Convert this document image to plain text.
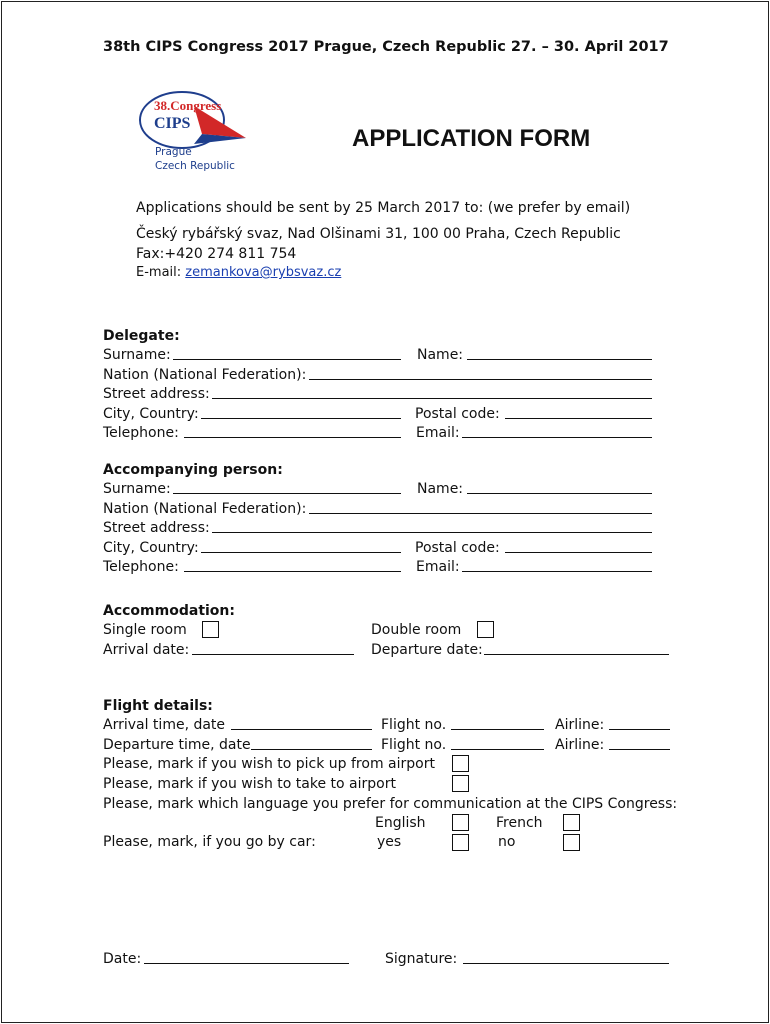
38th CIPS Congress 2017 Prague, Czech Republic 27. – 30. April 2017
38.Congress
CIPS
Prague
Czech Republic
APPLICATION FORM
Applications should be sent by 25 March 2017 to: (we prefer by email)
Český rybářský svaz, Nad Olšinami 31, 100 00 Praha, Czech Republic
Fax:+420 274 811 754
E-mail: zemankova@rybsvaz.cz
Delegate:
Surname:	Name:
Nation (National Federation):
Street address:
City, Country:	Postal code:
Telephone:	Email:
Accompanying person:
Surname:	Name:
Nation (National Federation):
Street address:
City, Country:	Postal code:
Telephone:	Email:
Accommodation:
Single room	Double room
Arrival date:	Departure date:
Flight details:
Arrival time, date	Flight no.	Airline:
Departure time, date	Flight no.	Airline:
Please, mark if you wish to pick up from airport
Please, mark if you wish to take to airport
Please, mark which language you prefer for communication at the CIPS Congress:
English	French
Please, mark, if you go by car:	yes	no
Date:	Signature:
